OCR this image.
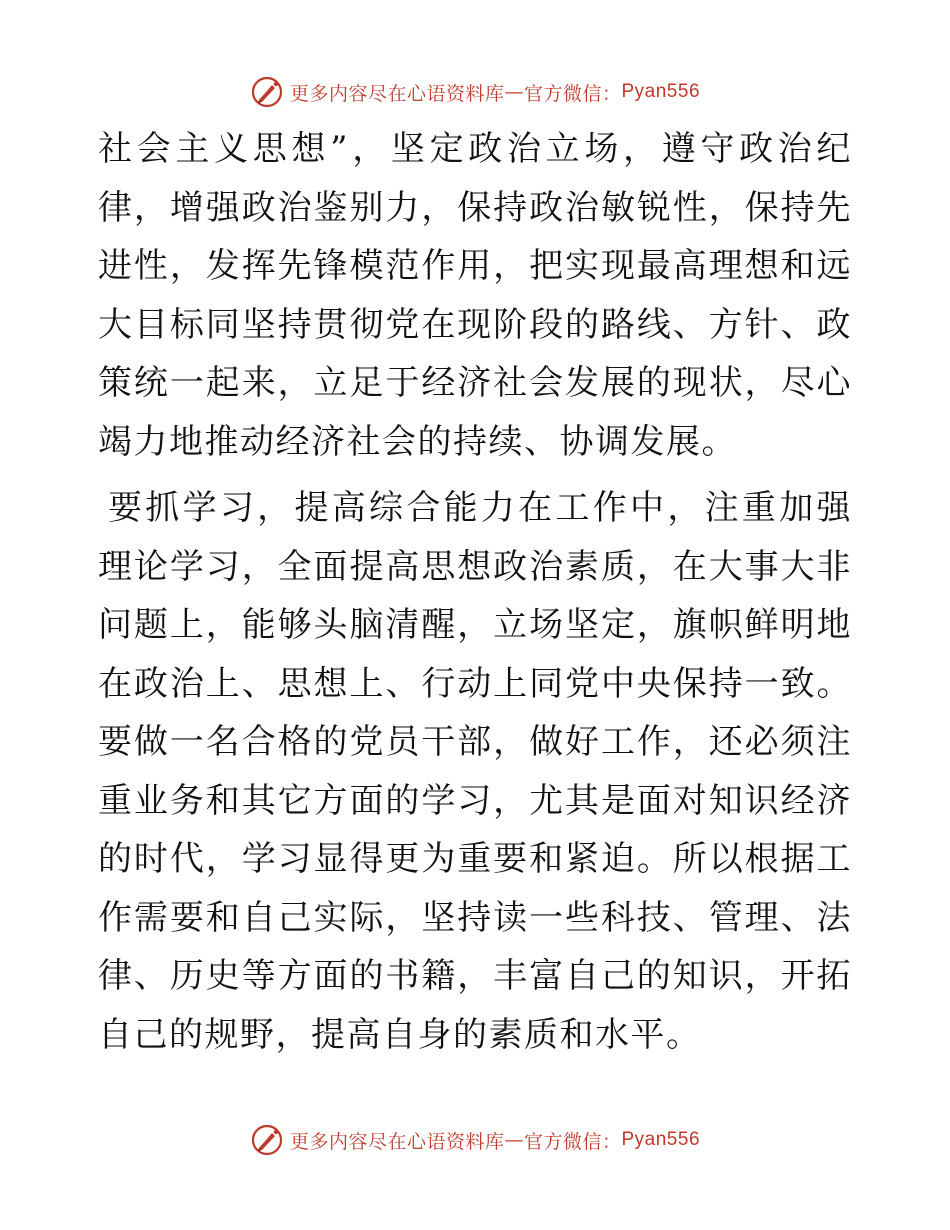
更多内容尽在心语资料库 — 官方微信： Pyan556

社会主义思想”，坚定政治立场，遵守政治纪律，增强政治鉴别力，保持政治敏锐性，保持先进性，发挥先锋模范作用，把实现最高理想和远大目标同坚持贯彻党在现阶段的路线、方针、政策统一起来，立足于经济社会发展的现状，尽心竭力地推动经济社会的持续、协调发展。

要抓学习，提高综合能力在工作中，注重加强理论学习，全面提高思想政治素质，在大事大非问题上，能够头脑清醒，立场坚定，旗帜鲜明地在政治上、思想上、行动上同党中央保持一致。要做一名合格的党员干部，做好工作，还必须注重业务和其它方面的学习，尤其是面对知识经济的时代，学习显得更为重要和紧迫。所以根据工作需要和自己实际，坚持读一些科技、管理、法律、历史等方面的书籍，丰富自己的知识，开拓自己的规野，提高自身的素质和水平。

更多内容尽在心语资料库 — 官方微信： Pyan556
